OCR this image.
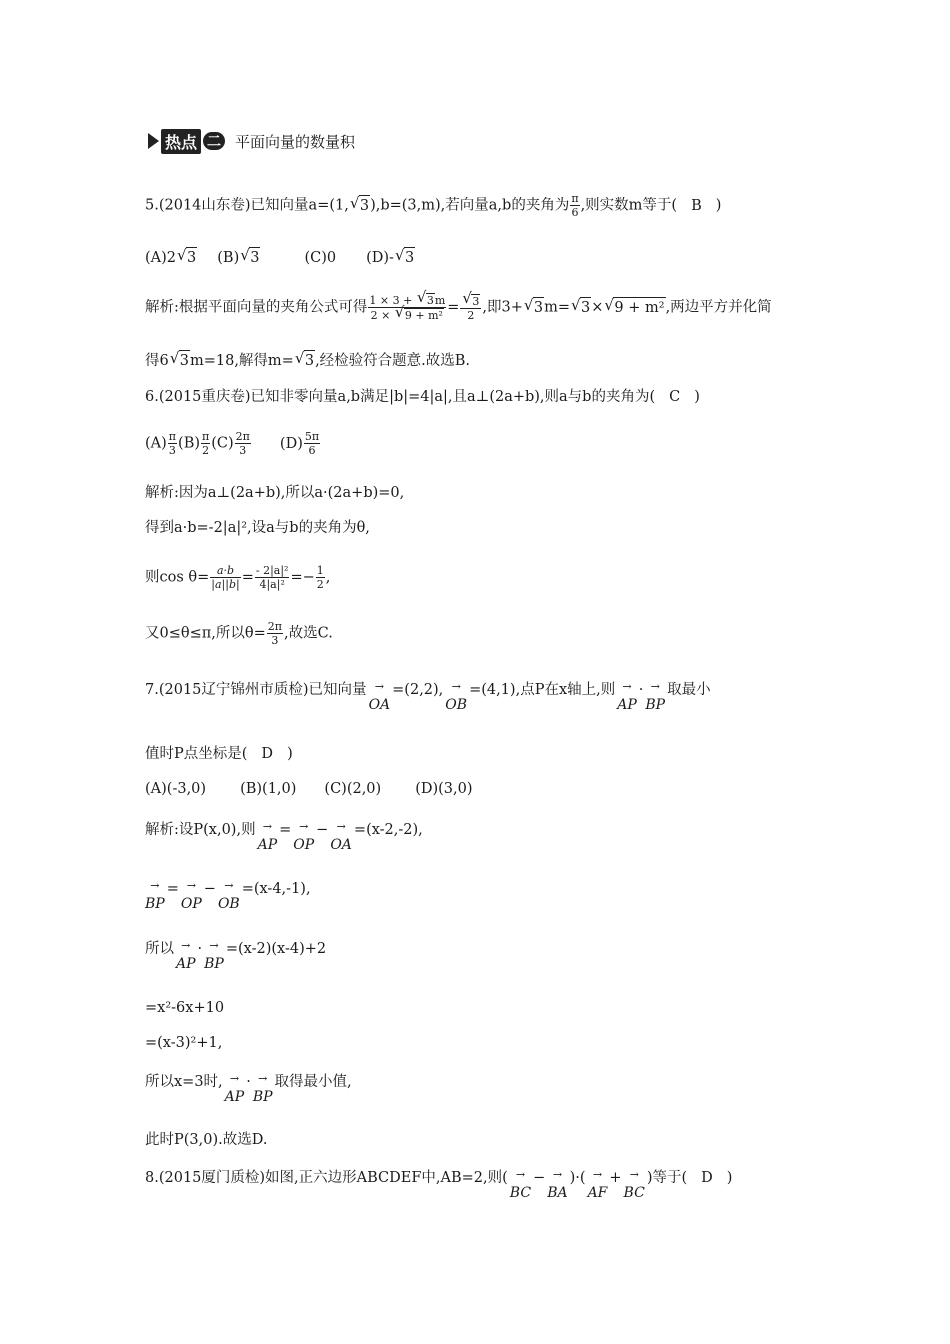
热点 二 平面向量的数量积
5.(2014山东卷)已知向量a=(1, √ 3),b=(3,m),若向量a,b的夹角为 $\frac{\pi}{6}$ ,则实数m等于( B )
(A)2 √ 3 (B) √ 3	(C)0 (D)- √ 3
解析:根据平面向量的夹角公式可得 $\frac{1 \times 3 + √ 3m}{\text{2 × √ 9 + m²}}$ = √ $\frac{3}{2}$ ,即3+ √ 3m= √ 3× √ 9 + m²,两边平方并化简
得6 √ 3m=18,解得m= √ 3,经检验符合题意.故选B.
6.(2015重庆卷)已知非零向量a,b满足|b|=4|a|,且a⊥(2a+b),则a与b的夹角为( C )
$(A) \frac{\pi}{3} (B) \frac{\pi}{2} (C) \frac{2\pi}{3} (D) \frac{5\pi}{6}$
解析:因为a⊥(2a+b),所以a·(2a+b)=0,
得到a·b=-2|a|²,设a与b的夹角为θ,
则$\cos \theta= \frac{a\cdot b}{|a||b|} = \frac{\text{- 2|a|²}}{\text{4|a|²}} =- \frac{1}{2}$ ,
又0≤θ≤π,所以$\theta= \frac{2\pi}{3}$ ,故选C.
7.(2015辽宁锦州市质检)已知向量 →
OA
=(2,2), →
OB
=(4,1),点P在x轴上,则 →
AP
· →
BP
取最小
值时P点坐标是( D )
(A)(-3,0) (B)(1,0) (C)(2,0) (D)(3,0)
解析:设P(x,0),则 →
AP
= →
OP
− →
OA
=(x-2,-2),
→
BP
= →
OP
− →
OB
=(x-4,-1),
所以 →
AP
· →
BP
=(x-2)(x-4)+2
=x²-6x+10
=(x-3)²+1,
所以x=3时, →
AP
· →
BP
取得最小值,
此时P(3,0).故选D.
8.(2015厦门质检)如图,正六边形ABCDEF中,AB=2,则( →
BC
− →
BA
)·( →
AF
+ →
BC
)等于( D )
